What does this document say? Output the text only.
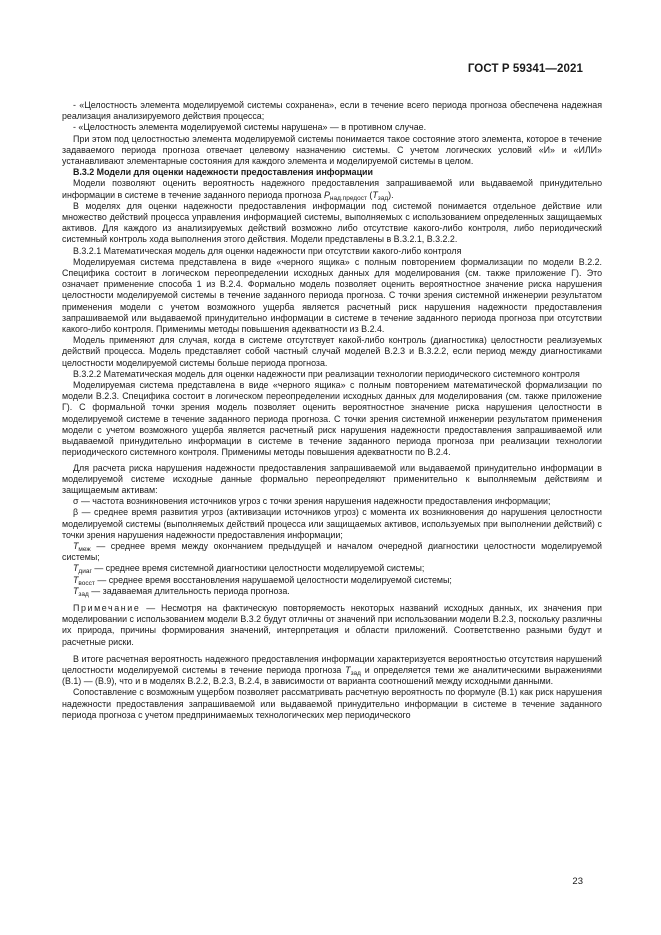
ГОСТ Р 59341—2021

- «Целостность элемента моделируемой системы сохранена», если в течение всего периода прогноза обеспечена надежная реализация анализируемого действия процесса;

- «Целостность элемента моделируемой системы нарушена» — в противном случае.

При этом под целостностью элемента моделируемой системы понимается такое состояние этого элемента, которое в течение задаваемого периода прогноза отвечает целевому назначению системы. С учетом логических условий «И» и «ИЛИ» устанавливают элементарные состояния для каждого элемента и моделируемой системы в целом.

В.3.2 Модели для оценки надежности предоставления информации

Модели позволяют оценить вероятность надежного предоставления запрашиваемой или выдаваемой принудительно информации в системе в течение заданного периода прогноза $P_{над.предост}$ $(T_{зад})$.

В моделях для оценки надежности предоставления информации под системой понимается отдельное действие или множество действий процесса управления информацией системы, выполняемых с использованием определенных защищаемых активов. Для каждого из анализируемых действий возможно либо отсутствие какого-либо контроля, либо периодический системный контроль хода выполнения этого действия. Модели представлены в В.3.2.1, В.3.2.2.

В.3.2.1 Математическая модель для оценки надежности при отсутствии какого-либо контроля

Моделируемая система представлена в виде «черного ящика» с полным повторением формализации по модели В.2.2. Специфика состоит в логическом переопределении исходных данных для моделирования (см. также приложение Г). Это означает применение способа 1 из В.2.4. Формально модель позволяет оценить вероятностное значение риска нарушения целостности моделируемой системы в течение заданного периода прогноза. С точки зрения системной инженерии результатом применения модели с учетом возможного ущерба является расчетный риск нарушения надежности предоставления запрашиваемой или выдаваемой принудительно информации в системе в течение заданного периода прогноза при отсутствии какого-либо контроля. Применимы методы повышения адекватности из В.2.4.

Модель применяют для случая, когда в системе отсутствует какой-либо контроль (диагностика) целостности реализуемых действий процесса. Модель представляет собой частный случай моделей В.2.3 и В.3.2.2, если период между диагностиками целостности моделируемой системы больше периода прогноза.

В.3.2.2 Математическая модель для оценки надежности при реализации технологии периодического системного контроля

Моделируемая система представлена в виде «черного ящика» с полным повторением математической формализации по модели В.2.3. Специфика состоит в логическом переопределении исходных данных для моделирования (см. также приложение Г). С формальной точки зрения модель позволяет оценить вероятностное значение риска нарушения целостности в моделируемой системе в течение заданного периода прогноза. С точки зрения системной инженерии результатом применения модели с учетом возможного ущерба является расчетный риск нарушения надежности предоставления запрашиваемой или выдаваемой принудительно информации в системе в течение заданного периода прогноза при реализации технологии периодического системного контроля. Применимы методы повышения адекватности по В.2.4.

Для расчета риска нарушения надежности предоставления запрашиваемой или выдаваемой принудительно информации в моделируемой системе исходные данные формально переопределяют применительно к выполняемым действиям и защищаемым активам:

σ — частота возникновения источников угроз с точки зрения нарушения надежности предоставления информации;

β — среднее время развития угроз (активизации источников угроз) с момента их возникновения до нарушения целостности моделируемой системы (выполняемых действий процесса или защищаемых активов, используемых при выполнении действий) с точки зрения нарушения надежности предоставления информации;

$T_{меж}$ — среднее время между окончанием предыдущей и началом очередной диагностики целостности моделируемой системы;

$T_{диаг}$ — среднее время системной диагностики целостности моделируемой системы;

$T_{восст}$ — среднее время восстановления нарушаемой целостности моделируемой системы;

$T_{зад}$ — задаваемая длительность периода прогноза.

Примечание — Несмотря на фактическую повторяемость некоторых названий исходных данных, их значения при моделировании с использованием модели В.3.2 будут отличны от значений при использовании модели В.2.3, поскольку различны их природа, причины формирования значений, интерпретация и области приложений. Соответственно разными будут и расчетные риски.

В итоге расчетная вероятность надежного предоставления информации характеризуется вероятностью отсутствия нарушений целостности моделируемой системы в течение периода прогноза $T_{зад}$ и определяется теми же аналитическими выражениями (В.1) — (В.9), что и в моделях В.2.2, В.2.3, В.2.4, в зависимости от варианта соотношений между исходными данными.

Сопоставление с возможным ущербом позволяет рассматривать расчетную вероятность по формуле (В.1) как риск нарушения надежности предоставления запрашиваемой или выдаваемой принудительно информации в системе в течение заданного периода прогноза с учетом предпринимаемых технологических мер периодического

23
